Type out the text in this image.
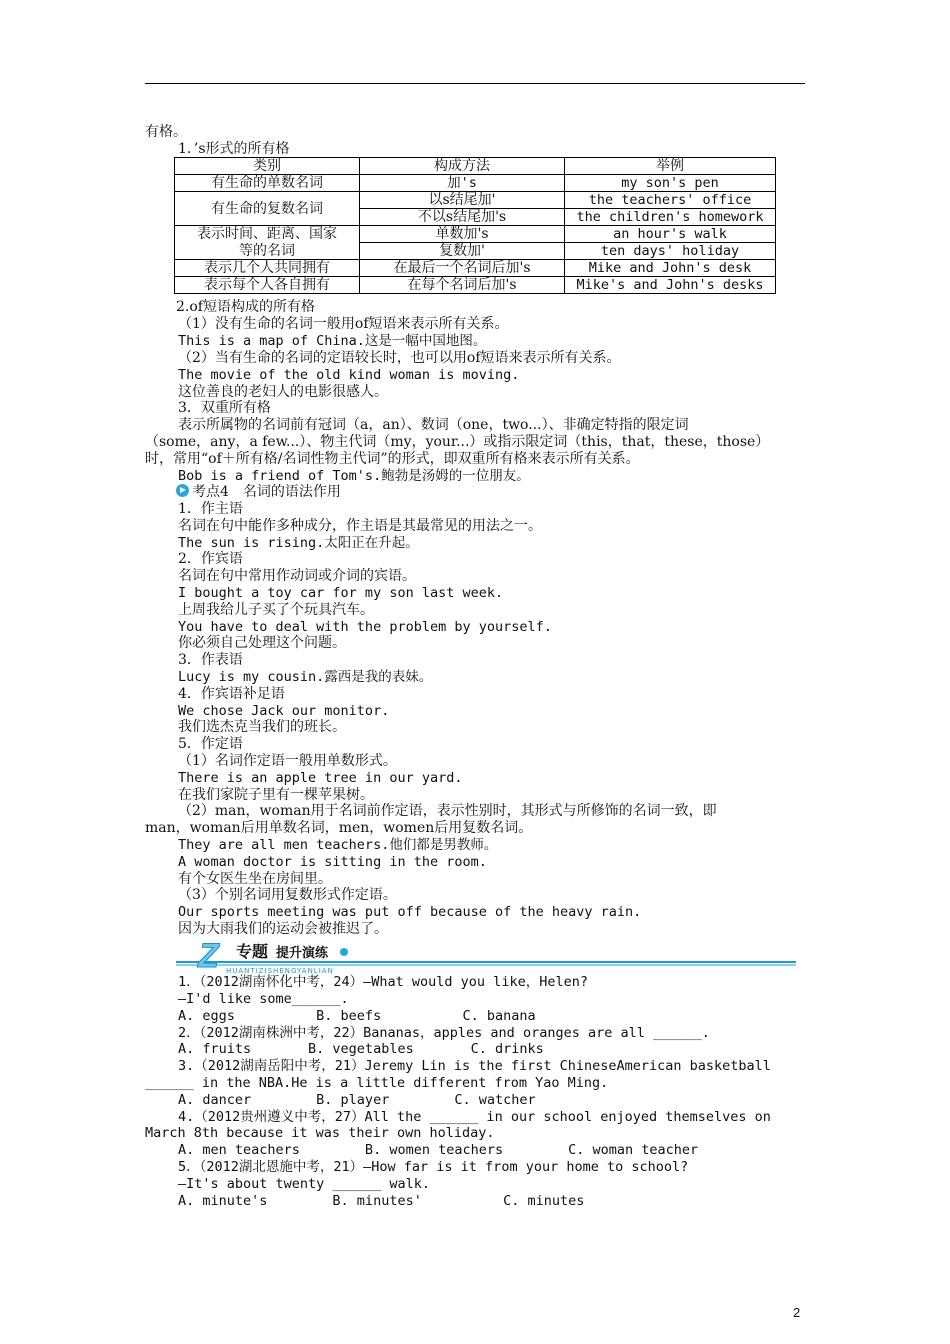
有格。
1．’s形式的所有格
类别	构成方法	举例
有生命的单数名词	加's	my son's pen
有生命的复数名词	以s结尾加'	the teachers' office
	不以s结尾加's	the children's homework
表示时间、距离、国家	单数加's	an hour's walk
等的名词	复数加'	ten days' holiday
表示几个人共同拥有	在最后一个名词后加's	Mike and John's desk
表示每个人各自拥有	在每个名词后加's	Mike's and John's desks
2.of短语构成的所有格
（1）没有生命的名词一般用of短语来表示所有关系。
This is a map of China.这是一幅中国地图。
（2）当有生命的名词的定语较长时，也可以用of短语来表示所有关系。
The movie of the old kind woman is moving.
这位善良的老妇人的电影很感人。
3．双重所有格
表示所属物的名词前有冠词（a，an）、数词（one，two...）、非确定特指的限定词
（some，any，a few...）、物主代词（my，your...）或指示限定词（this，that，these，those）
时，常用“of＋所有格/名词性物主代词”的形式，即双重所有格来表示所有关系。
Bob is a friend of Tom's.鲍勃是汤姆的一位朋友。
考点4　名词的语法作用
1．作主语
名词在句中能作多种成分，作主语是其最常见的用法之一。
The sun is rising.太阳正在升起。
2．作宾语
名词在句中常用作动词或介词的宾语。
I bought a toy car for my son last week.
上周我给儿子买了个玩具汽车。
You have to deal with the problem by yourself.
你必须自己处理这个问题。
3．作表语
Lucy is my cousin.露西是我的表妹。
4．作宾语补足语
We chose Jack our monitor.
我们选杰克当我们的班长。
5．作定语
（1）名词作定语一般用单数形式。
There is an apple tree in our yard.
在我们家院子里有一棵苹果树。
（2）man，woman用于名词前作定语，表示性别时，其形式与所修饰的名词一致，即
man，woman后用单数名词，men，women后用复数名词。
They are all men teachers.他们都是男教师。
A woman doctor is sitting in the room.
有个女医生坐在房间里。
（3）个别名词用复数形式作定语。
Our sports meeting was put off because of the heavy rain.
因为大雨我们的运动会被推迟了。
Z 专题 提升演练
HUANTIZISHENGYANLIAN
1．（2012湖南怀化中考，24）—What would you like，Helen?
—I'd like some______.
A. eggs          B. beefs          C. banana
2．（2012湖南株洲中考，22）Bananas，apples and oranges are all ______.
A. fruits       B. vegetables       C. drinks
3.（2012湖南岳阳中考，21）Jeremy Lin is the first ChineseAmerican basketball
______ in the NBA.He is a little different from Yao Ming.
A. dancer        B. player        C. watcher
4.（2012贵州遵义中考，27）All the ______ in our school enjoyed themselves on
March 8th because it was their own holiday.
A. men teachers        B. women teachers        C. woman teacher
5．（2012湖北恩施中考，21）—How far is it from your home to school?
—It's about twenty ______ walk.
A. minute's        B. minutes'          C. minutes
2
